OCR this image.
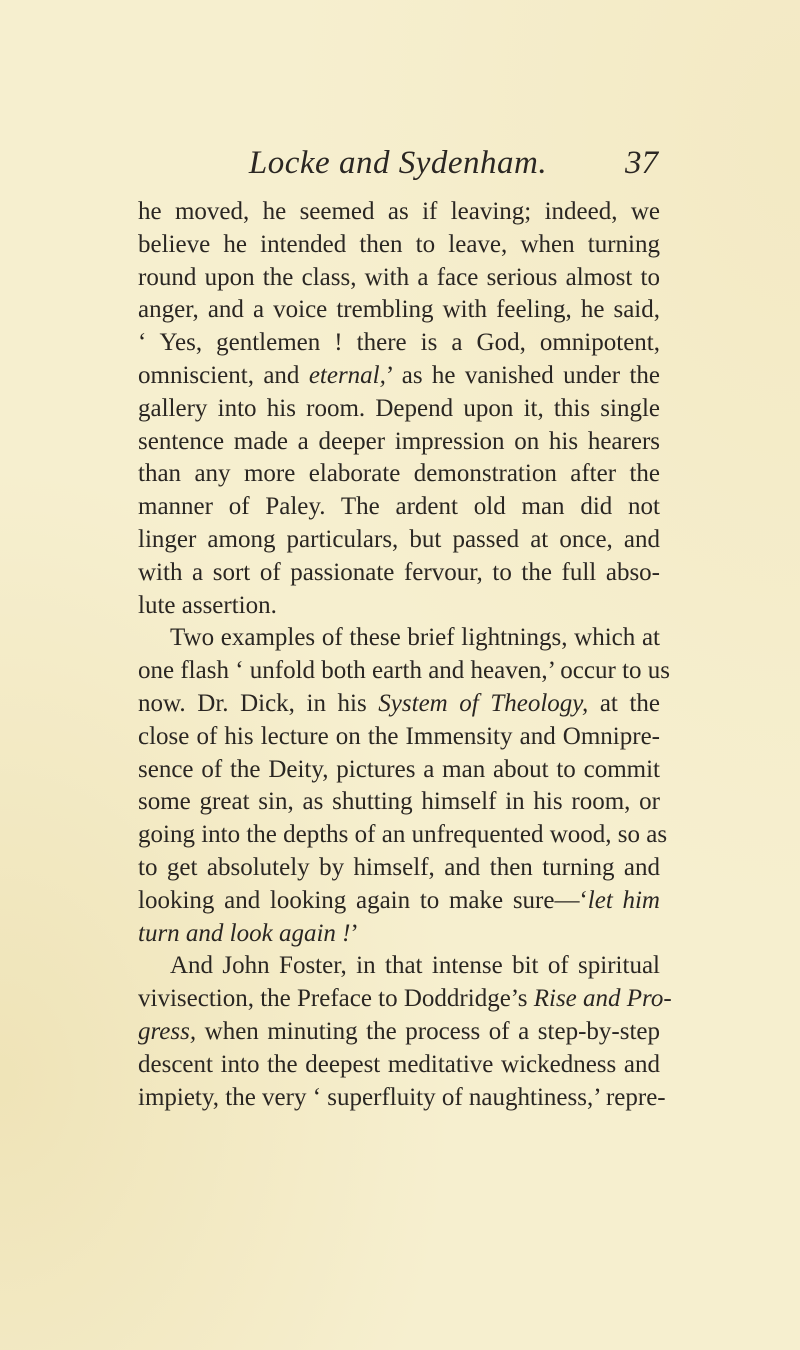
Locke and Sydenham.	37
he moved, he seemed as if leaving; indeed, we
believe he intended then to leave, when turning
round upon the class, with a face serious almost to
anger, and a voice trembling with feeling, he said,
‘ Yes, gentlemen ! there is a God, omnipotent,
omniscient, and eternal,’ as he vanished under the
gallery into his room. Depend upon it, this single
sentence made a deeper impression on his hearers
than any more elaborate demonstration after the
manner of Paley. The ardent old man did not
linger among particulars, but passed at once, and
with a sort of passionate fervour, to the full abso-
lute assertion.
Two examples of these brief lightnings, which at
one flash ‘ unfold both earth and heaven,’ occur to us
now. Dr. Dick, in his System of Theology, at the
close of his lecture on the Immensity and Omnipre-
sence of the Deity, pictures a man about to commit
some great sin, as shutting himself in his room, or
going into the depths of an unfrequented wood, so as
to get absolutely by himself, and then turning and
looking and looking again to make sure—‘let him
turn and look again !’
And John Foster, in that intense bit of spiritual
vivisection, the Preface to Doddridge’s Rise and Pro-
gress, when minuting the process of a step-by-step
descent into the deepest meditative wickedness and
impiety, the very ‘ superfluity of naughtiness,’ repre-
